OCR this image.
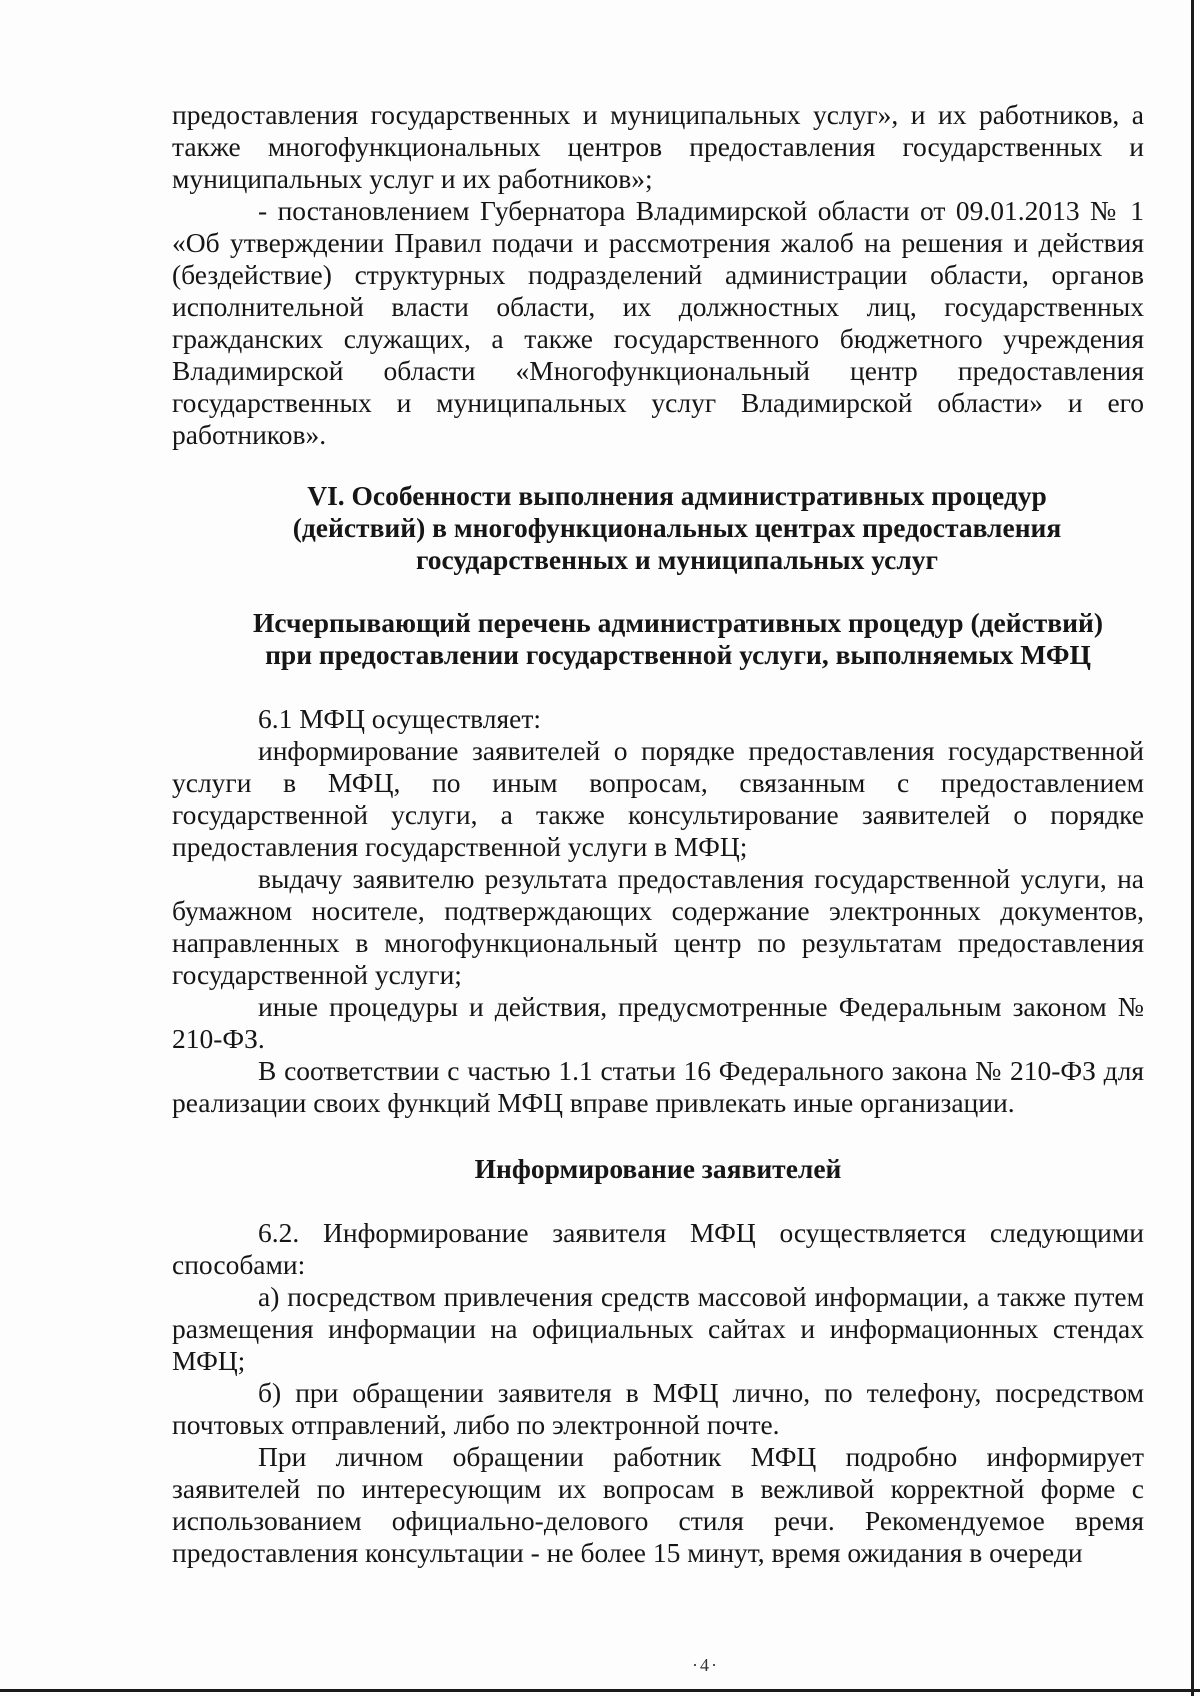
предоставления государственных и муниципальных услуг», и их работников, а также многофункциональных центров предоставления государственных и муниципальных услуг и их работников»;

- постановлением Губернатора Владимирской области от 09.01.2013 № 1 «Об утверждении Правил подачи и рассмотрения жалоб на решения и действия (бездействие) структурных подразделений администрации области, органов исполнительной власти области, их должностных лиц, государственных гражданских служащих, а также государственного бюджетного учреждения Владимирской области «Многофункциональный центр предоставления государственных и муниципальных услуг Владимирской области» и его работников».

VI. Особенности выполнения административных процедур

(действий) в многофункциональных центрах предоставления

государственных и муниципальных услуг

Исчерпывающий перечень административных процедур (действий)

при предоставлении государственной услуги, выполняемых МФЦ

6.1 МФЦ осуществляет:

информирование заявителей о порядке предоставления государственной услуги в МФЦ, по иным вопросам, связанным с предоставлением государственной услуги, а также консультирование заявителей о порядке предоставления государственной услуги в МФЦ;

выдачу заявителю результата предоставления государственной услуги, на бумажном носителе, подтверждающих содержание электронных документов, направленных в многофункциональный центр по результатам предоставления государственной услуги;

иные процедуры и действия, предусмотренные Федеральным законом № 210-ФЗ.

В соответствии с частью 1.1 статьи 16 Федерального закона № 210-ФЗ для реализации своих функций МФЦ вправе привлекать иные организации.

Информирование заявителей

6.2. Информирование заявителя МФЦ осуществляется следующими способами:

а) посредством привлечения средств массовой информации, а также путем размещения информации на официальных сайтах и информационных стендах МФЦ;

б) при обращении заявителя в МФЦ лично, по телефону, посредством почтовых отправлений, либо по электронной почте.

При личном обращении работник МФЦ подробно информирует заявителей по интересующим их вопросам в вежливой корректной форме с использованием официально-делового стиля речи. Рекомендуемое время предоставления консультации - не более 15 минут, время ожидания в очереди

·4·
